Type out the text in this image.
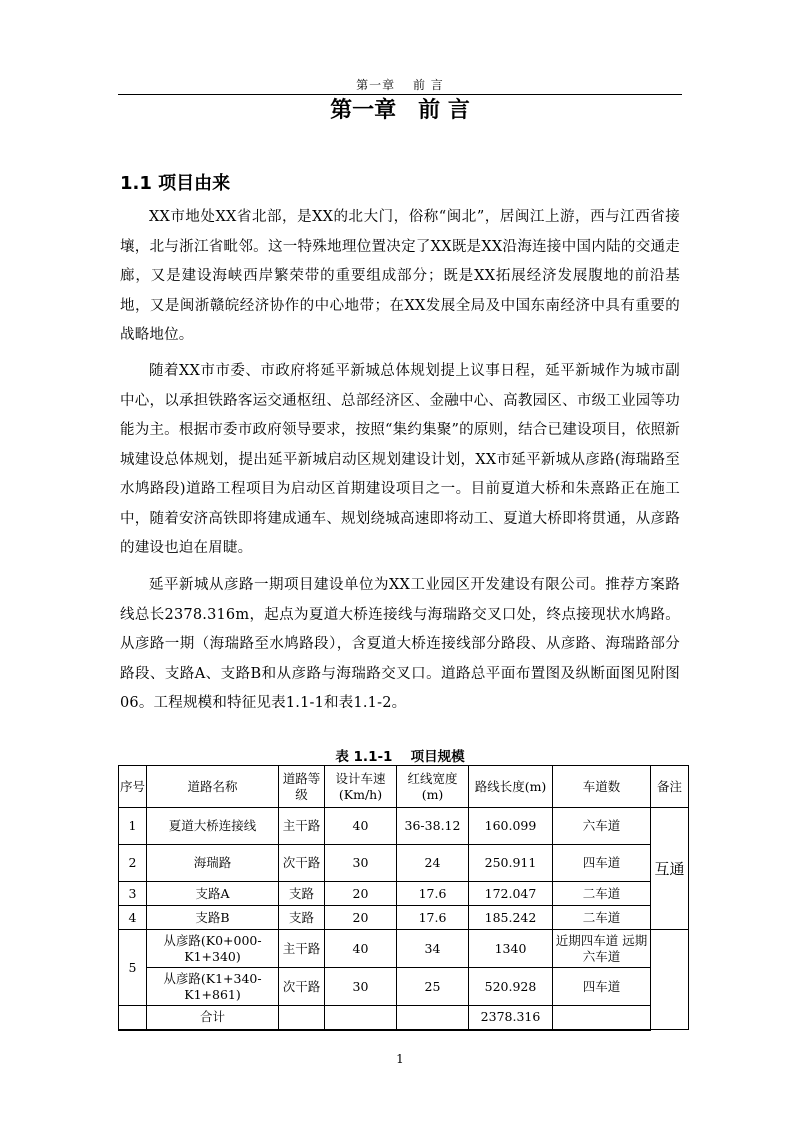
第一章　 前 言
第一章　前 言
1.1 项目由来

XX市地处XX省北部，是XX的北大门，俗称“闽北”，居闽江上游，西与江西省接壤，北与浙江省毗邻。这一特殊地理位置决定了XX既是XX沿海连接中国内陆的交通走廊，又是建设海峡西岸繁荣带的重要组成部分；既是XX拓展经济发展腹地的前沿基地，又是闽浙赣皖经济协作的中心地带；在XX发展全局及中国东南经济中具有重要的战略地位。

随着XX市市委、市政府将延平新城总体规划提上议事日程，延平新城作为城市副中心，以承担铁路客运交通枢纽、总部经济区、金融中心、高教园区、市级工业园等功能为主。根据市委市政府领导要求，按照“集约集聚”的原则，结合已建设项目，依照新城建设总体规划，提出延平新城启动区规划建设计划，XX市延平新城从彦路(海瑞路至水鸠路段)道路工程项目为启动区首期建设项目之一。目前夏道大桥和朱熹路正在施工中，随着安济高铁即将建成通车、规划绕城高速即将动工、夏道大桥即将贯通，从彦路的建设也迫在眉睫。

延平新城从彦路一期项目建设单位为XX工业园区开发建设有限公司。推荐方案路线总长2378.316m，起点为夏道大桥连接线与海瑞路交叉口处，终点接现状水鸠路。从彦路一期（海瑞路至水鸠路段），含夏道大桥连接线部分路段、从彦路、海瑞路部分路段、支路A、支路B和从彦路与海瑞路交叉口。道路总平面布置图及纵断面图见附图06。工程规模和特征见表1.1-1和表1.1-2。

表 1.1-1　 项目规模
序号	道路名称	道路等级	设计车速(Km/h)	红线宽度(m)	路线长度(m)	车道数	备注
1	夏道大桥连接线	主干路	40	36-38.12	160.099	六车道	互通
2	海瑞路	次干路	30	24	250.911	四车道	
3	支路A	支路	20	17.6	172.047	二车道	
4	支路B	支路	20	17.6	185.242	二车道	
5	从彦路(K0+000-K1+340)	主干路	40	34	1340	近期四车道 远期六车道	
	从彦路(K1+340-K1+861)	次干路	30	25	520.928	四车道	
	合计				2378.316		
1
